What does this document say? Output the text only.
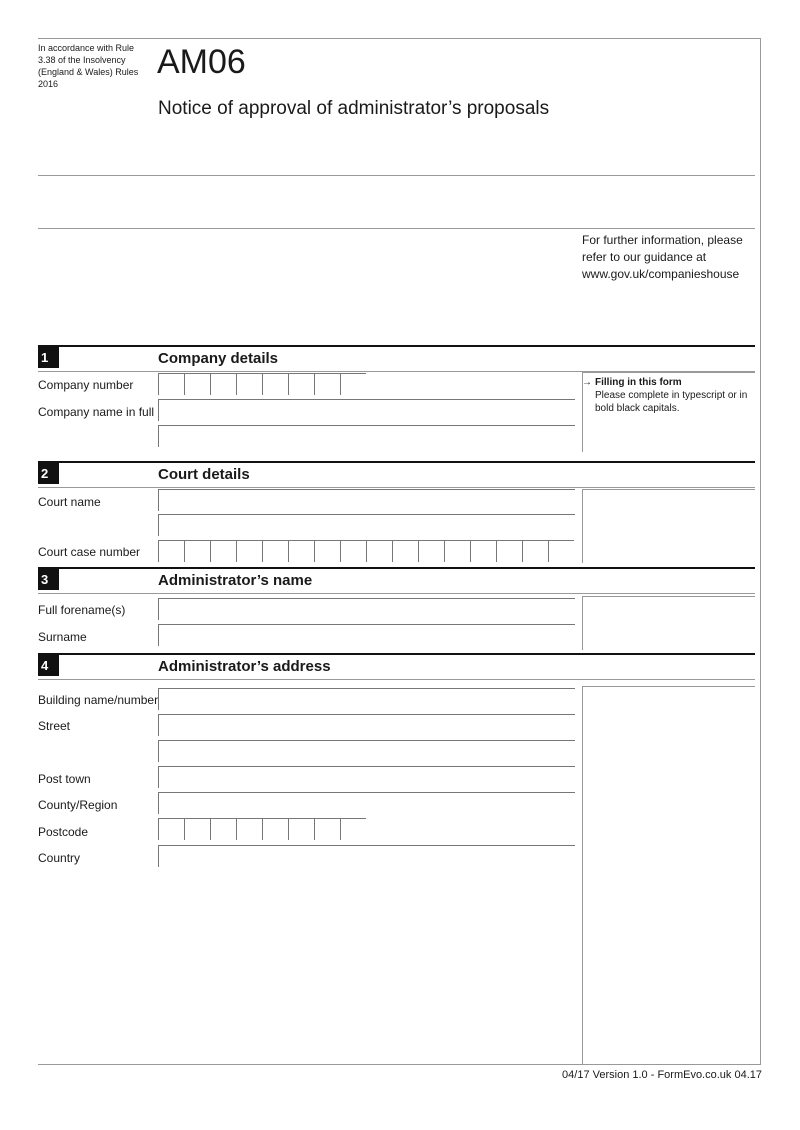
In accordance with Rule 3.38 of the Insolvency (England & Wales) Rules 2016
AM06
Notice of approval of administrator’s proposals
For further information, please refer to our guidance at www.gov.uk/companieshouse
1	Company details
Company number
Company name in full
→ Filling in this form
Please complete in typescript or in bold black capitals.
2	Court details
Court name
Court case number
3	Administrator’s name
Full forename(s)
Surname
4	Administrator’s address
Building name/number
Street
Post town
County/Region
Postcode
Country
04/17 Version 1.0 - FormEvo.co.uk 04.17
